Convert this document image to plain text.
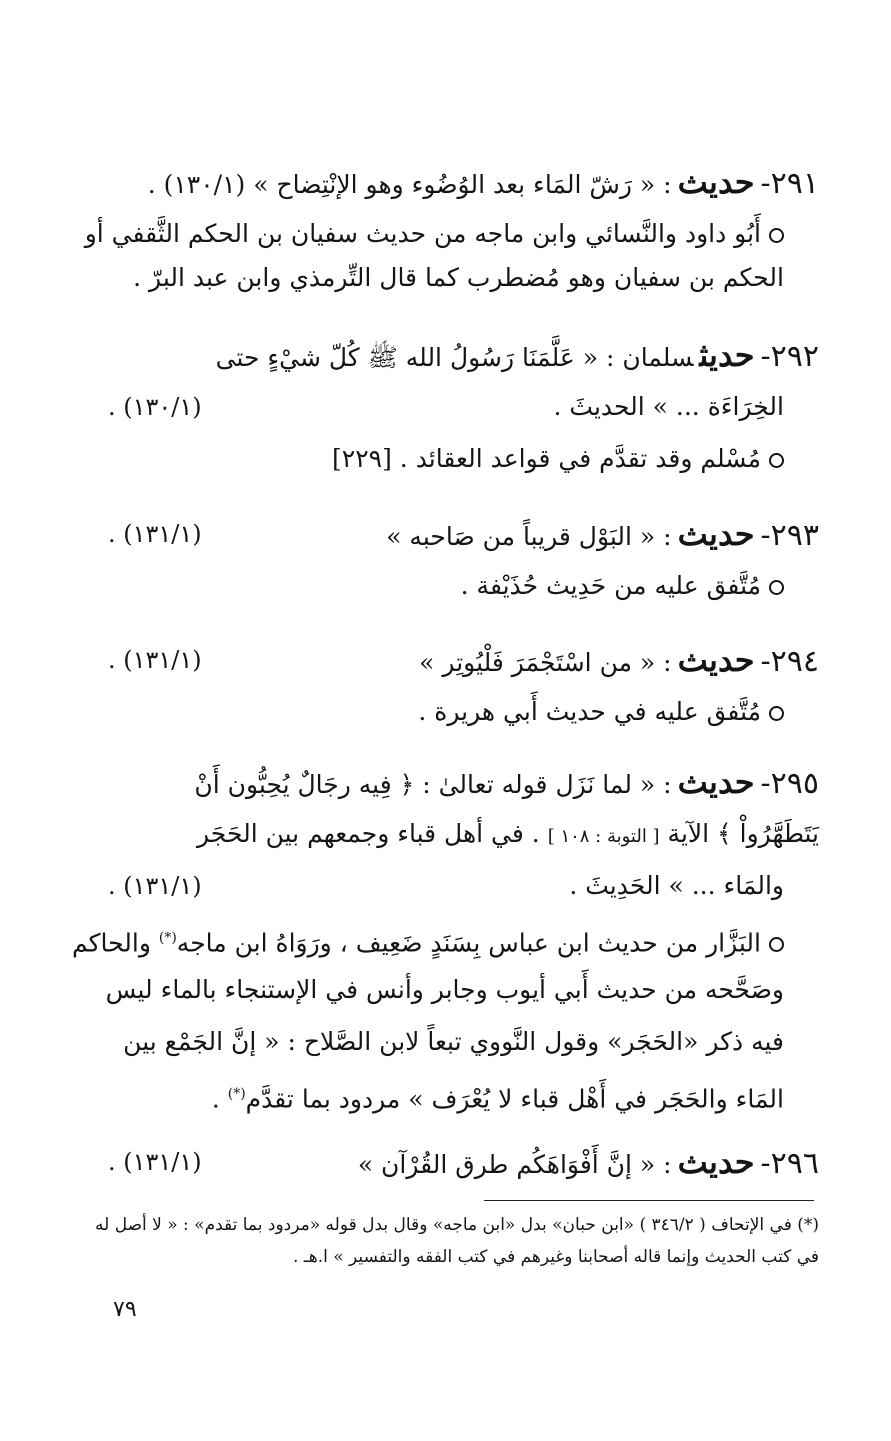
٢٩١-حديث: « رَشّ المَاء بعد الوُضُوء وهو الإنْتِضاح » (١٣٠/١) .
أَبُو داود والنَّسائي وابن ماجه من حديث سفيان بن الحكم الثَّقفي أو
الحكم بن سفيان وهو مُضطرب كما قال التِّرمذي وابن عبد البرّ .
٢٩٢-حديثسلمان : « عَلَّمَنَا رَسُولُ الله ﷺ كُلّ شيْءٍ حتى
الخِرَاءَة ... » الحديثَ .
(١٣٠/١) .
مُسْلم وقد تقدَّم في قواعد العقائد . [٢٢٩]
٢٩٣-حديث: « البَوْل قريباً من صَاحبه »
(١٣١/١) .
مُتَّفق عليه من حَدِيث حُذَيْفة .
٢٩٤-حديث: « من اسْتَجْمَرَ فَلْيُوتِر »
(١٣١/١) .
مُتَّفق عليه في حديث أَبي هريرة .
٢٩٥-حديث: « لما نَزَل قوله تعالىٰ : ﴿ فِيه رجَالٌ يُحِبُّون أَنْ
يَتَطَهَّرُواْ ﴾ الآية [ التوبة : ١٠٨ ] . في أهل قباء وجمعهم بين الحَجَر
والمَاء ... » الحَدِيثَ .
(١٣١/١) .
البَزَّار من حديث ابن عباس بِسَنَدٍ ضَعِيف ، ورَوَاهُ ابن ماجه(*) والحاكم
وصَحَّحه من حديث أَبي أيوب وجابر وأنس في الإستنجاء بالماء ليس
فيه ذكر «الحَجَر» وقول النَّووي تبعاً لابن الصَّلاح : « إنَّ الجَمْع بين
المَاء والحَجَر في أَهْل قباء لا يُعْرَف » مردود بما تقدَّم(*) .
٢٩٦-حديث: « إنَّ أَفْوَاهَكُم طرق القُرْآن »
(١٣١/١) .
(*) في الإتحاف ( ٣٤٦/٢ ) «ابن حبان» بدل «ابن ماجه» وقال بدل قوله «مردود بما تقدم» : « لا أصل له
في كتب الحديث وإنما قاله أصحابنا وغيرهم في كتب الفقه والتفسير » ا.هـ .
٧٩
